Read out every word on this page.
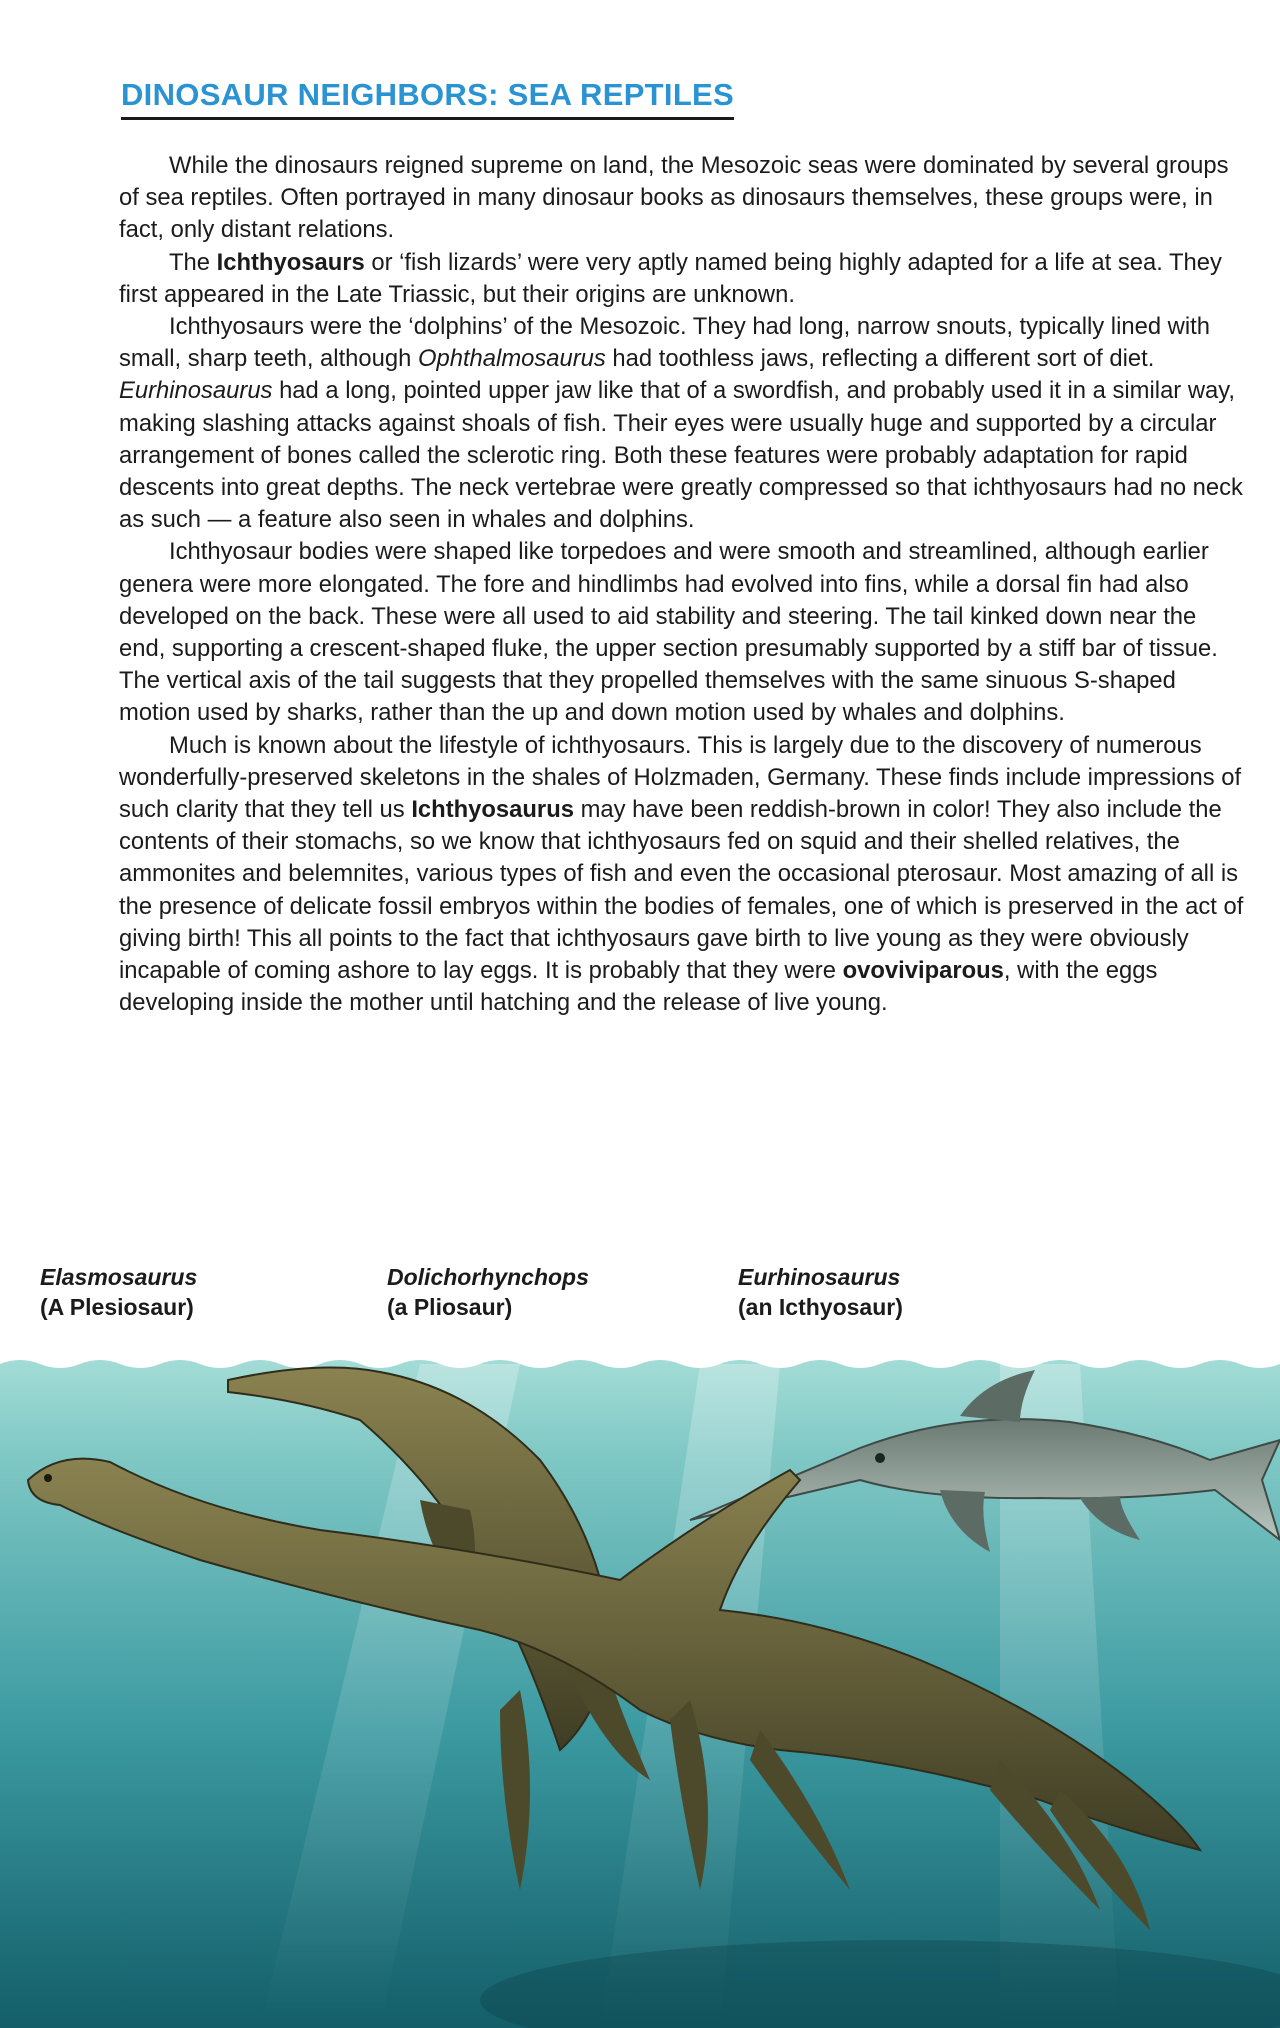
DINOSAUR NEIGHBORS: SEA REPTILES

While the dinosaurs reigned supreme on land, the Mesozoic seas were dominated by several groups of sea reptiles. Often portrayed in many dinosaur books as dinosaurs themselves, these groups were, in fact, only distant relations.

The Ichthyosaurs or ‘fish lizards’ were very aptly named being highly adapted for a life at sea. They first appeared in the Late Triassic, but their origins are unknown.

Ichthyosaurs were the ‘dolphins’ of the Mesozoic. They had long, narrow snouts, typically lined with small, sharp teeth, although Ophthalmosaurus had toothless jaws, reflecting a different sort of diet. Eurhinosaurus had a long, pointed upper jaw like that of a swordfish, and probably used it in a similar way, making slashing attacks against shoals of fish. Their eyes were usually huge and supported by a circular arrangement of bones called the sclerotic ring. Both these features were probably adaptation for rapid descents into great depths. The neck vertebrae were greatly compressed so that ichthyosaurs had no neck as such — a feature also seen in whales and dolphins.

Ichthyosaur bodies were shaped like torpedoes and were smooth and streamlined, although earlier genera were more elongated. The fore and hindlimbs had evolved into fins, while a dorsal fin had also developed on the back. These were all used to aid stability and steering. The tail kinked down near the end, supporting a crescent-shaped fluke, the upper section presumably supported by a stiff bar of tissue. The vertical axis of the tail suggests that they propelled themselves with the same sinuous S-shaped motion used by sharks, rather than the up and down motion used by whales and dolphins.

Much is known about the lifestyle of ichthyosaurs. This is largely due to the discovery of numerous wonderfully-preserved skeletons in the shales of Holzmaden, Germany. These finds include impressions of such clarity that they tell us Ichthyosaurus may have been reddish-brown in color! They also include the contents of their stomachs, so we know that ichthyosaurs fed on squid and their shelled relatives, the ammonites and belemnites, various types of fish and even the occasional pterosaur. Most amazing of all is the presence of delicate fossil embryos within the bodies of females, one of which is preserved in the act of giving birth! This all points to the fact that ichthyosaurs gave birth to live young as they were obviously incapable of coming ashore to lay eggs. It is probably that they were ovoviviparous, with the eggs developing inside the mother until hatching and the release of live young.

Elasmosaurus
(A Plesiosaur)
Dolichorhynchops
(a Pliosaur)
Eurhinosaurus
(an Icthyosaur)
